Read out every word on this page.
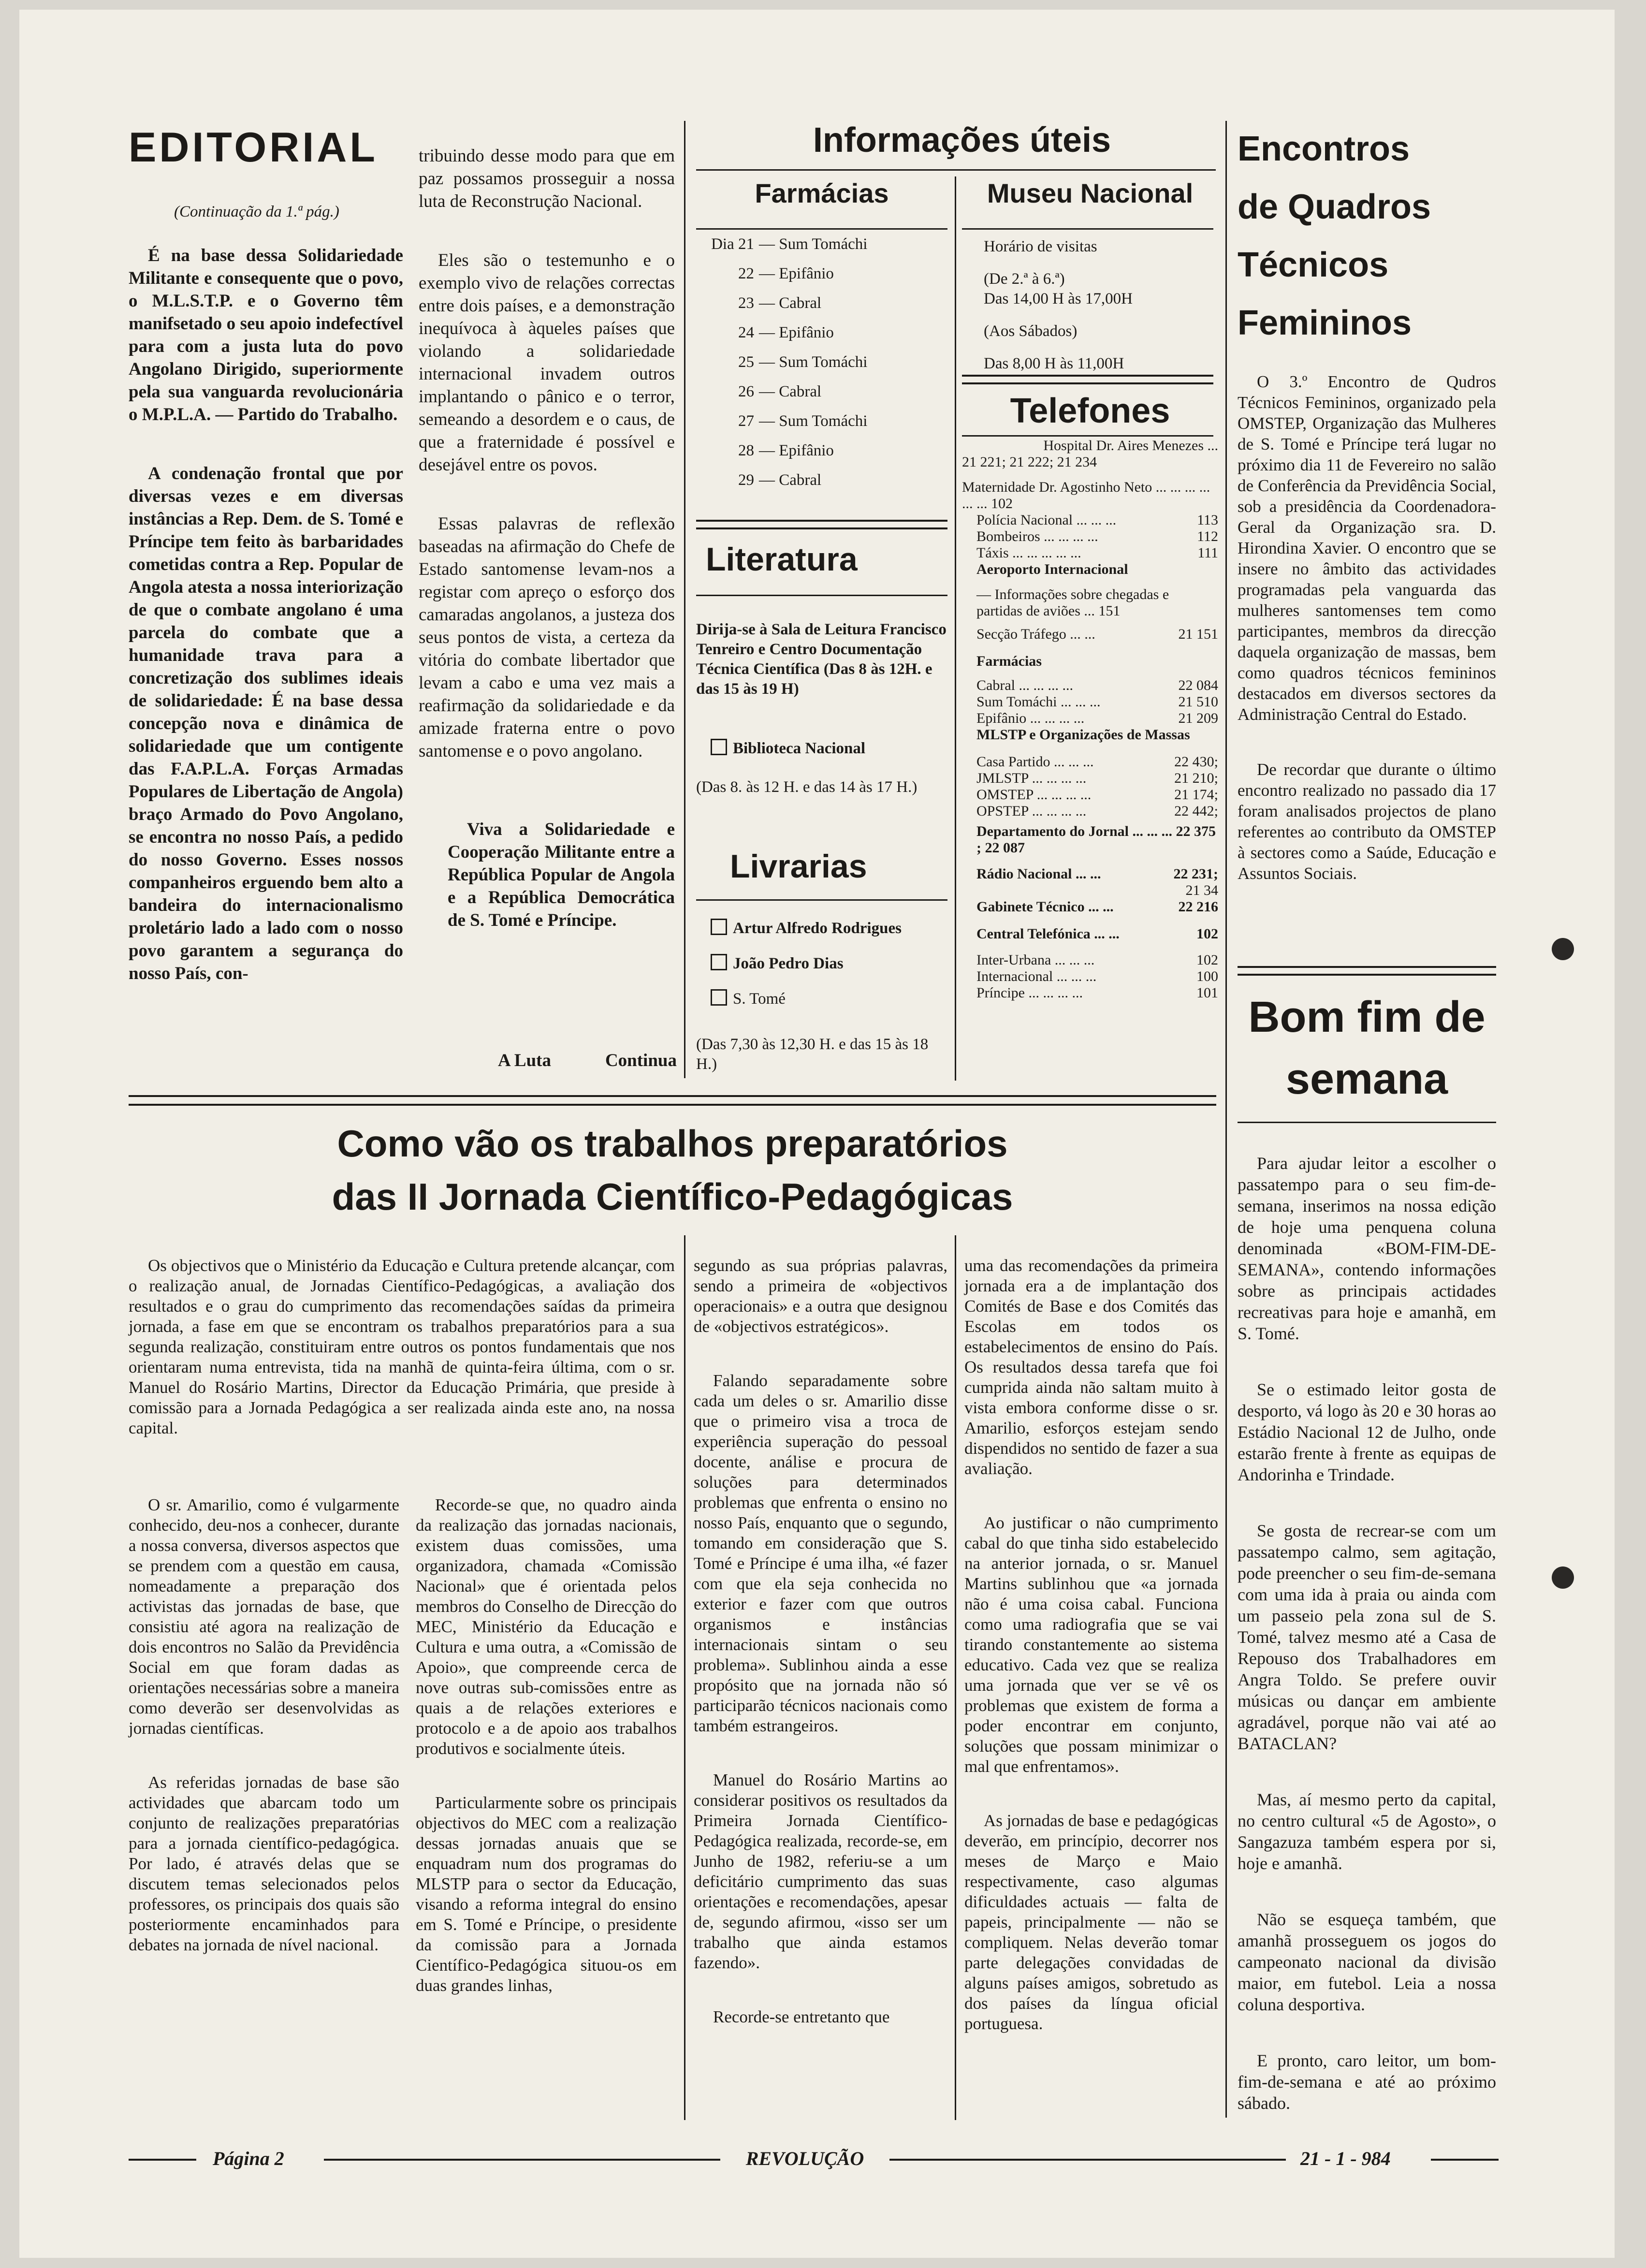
EDITORIAL
(Continuação da 1.ª pág.)

É na base dessa Solidariedade Militante e consequente que o povo, o M.L.S.T.P. e o Governo têm manifsetado o seu apoio indefectível para com a justa luta do povo Angolano Dirigido, superiormente pela sua vanguarda revolucionária o M.P.L.A. — Partido do Trabalho.

A condenação frontal que por diversas vezes e em diversas instâncias a Rep. Dem. de S. Tomé e Príncipe tem feito às barbaridades cometidas contra a Rep. Popular de Angola atesta a nossa interiorização de que o combate angolano é uma parcela do combate que a humanidade trava para a concretização dos sublimes ideais de solidariedade: É na base dessa concepção nova e dinâmica de solidariedade que um contigente das F.A.P.L.A. Forças Armadas Populares de Libertação de Angola) braço Armado do Povo Angolano, se encontra no nosso País, a pedido do nosso Governo. Esses nossos companheiros erguendo bem alto a bandeira do internacionalismo proletário lado a lado com o nosso povo garantem a segurança do nosso País, con-

tribuindo desse modo para que em paz possamos prosseguir a nossa luta de Reconstrução Nacional.

Eles são o testemunho e o exemplo vivo de relações correctas entre dois países, e a demonstração inequívoca à àqueles países que violando a solidariedade internacional invadem outros implantando o pânico e o terror, semeando a desordem e o caus, de que a fraternidade é possível e desejável entre os povos.

Essas palavras de reflexão baseadas na afirmação do Chefe de Estado santomense levam-nos a registar com apreço o esforço dos camaradas angolanos, a justeza dos seus pontos de vista, a certeza da vitória do combate libertador que levam a cabo e uma vez mais a reafirmação da solidariedade e da amizade fraterna entre o povo santomense e o povo angolano.

Viva a Solidariedade e Cooperação Militante entre a República Popular de Angola e a República Democrática de S. Tomé e Príncipe.

A Luta	Continua
Informações úteis
Farmácias
Dia 21 — Sum Tomáchi
22 — Epifânio
23 — Cabral
24 — Epifânio
25 — Sum Tomáchi
26 — Cabral
27 — Sum Tomáchi
28 — Epifânio
29 — Cabral
Literatura
Dirija-se à Sala de Leitura Francisco Tenreiro e Centro Documentação Técnica Científica (Das 8 às 12H. e das 15 às 19 H)
Biblioteca Nacional
(Das 8. às 12 H. e das 14 às 17 H.)
Livrarias
Artur Alfredo Rodrigues
João Pedro Dias
S. Tomé
(Das 7,30 às 12,30 H. e das 15 às 18 H.)
Museu Nacional
Horário de visitas
(De 2.ª à 6.ª)
Das 14,00 H às 17,00H
(Aos Sábados)
Das 8,00 H às 11,00H
Telefones
Hospital Dr. Aires Menezes ...
21 221; 21 222; 21 234
Maternidade Dr. Agostinho Neto ... ... ... ... ... ... 102
Polícia Nacional ... ... ...	113
Bombeiros ... ... ... ...	112
Táxis ... ... ... ... ...	111
Aeroporto Internacional
— Informações sobre chegadas e partidas de aviões ... 151
Secção Tráfego ... ...	21 151
Farmácias
Cabral ... ... ... ...	22 084
Sum Tomáchi ... ... ...	21 510
Epifânio ... ... ... ...	21 209
MLSTP e Organizações de Massas
Casa Partido ... ... ...	22 430;
JMLSTP ... ... ... ...	21 210;
OMSTEP ... ... ... ...	21 174;
OPSTEP ... ... ... ...	22 442;
Departamento do Jornal ... ... ... 22 375 ; 22 087
Rádio Nacional ... ...	22 231;
21 34
Gabinete Técnico ... ...	22 216
Central Telefónica ... ...	102
Inter-Urbana ... ... ...	102
Internacional ... ... ...	100
Príncipe ... ... ... ...	101
Encontros
de Quadros
Técnicos
Femininos

O 3.º Encontro de Qudros Técnicos Femininos, organizado pela OMSTEP, Organização das Mulheres de S. Tomé e Príncipe terá lugar no próximo dia 11 de Fevereiro no salão de Conferência da Previdência Social, sob a presidência da Coordenadora-Geral da Organização sra. D. Hirondina Xavier. O encontro que se insere no âmbito das actividades programadas pela vanguarda das mulheres santomenses tem como participantes, membros da direcção daquela organização de massas, bem como quadros técnicos femininos destacados em diversos sectores da Administração Central do Estado.

De recordar que durante o último encontro realizado no passado dia 17 foram analisados projectos de plano referentes ao contributo da OMSTEP à sectores como a Saúde, Educação e Assuntos Sociais.

Bom fim de
semana

Para ajudar leitor a escolher o passatempo para o seu fim-de-semana, inserimos na nossa edição de hoje uma penquena coluna denominada «BOM-FIM-DE-SEMANA», contendo informações sobre as principais actidades recreativas para hoje e amanhã, em S. Tomé.

Se o estimado leitor gosta de desporto, vá logo às 20 e 30 horas ao Estádio Nacional 12 de Julho, onde estarão frente à frente as equipas de Andorinha e Trindade.

Se gosta de recrear-se com um passatempo calmo, sem agitação, pode preencher o seu fim-de-semana com uma ida à praia ou ainda com um passeio pela zona sul de S. Tomé, talvez mesmo até a Casa de Repouso dos Trabalhadores em Angra Toldo. Se prefere ouvir músicas ou dançar em ambiente agradável, porque não vai até ao BATACLAN?

Mas, aí mesmo perto da capital, no centro cultural «5 de Agosto», o Sangazuza também espera por si, hoje e amanhã.

Não se esqueça também, que amanhã prosseguem os jogos do campeonato nacional da divisão maior, em futebol. Leia a nossa coluna desportiva.

E pronto, caro leitor, um bom-fim-de-semana e até ao próximo sábado.

Como vão os trabalhos preparatórios
das II Jornada Científico-Pedagógicas

Os objectivos que o Ministério da Educação e Cultura pretende alcançar, com o realização anual, de Jornadas Científico-Pedagógicas, a avaliação dos resultados e o grau do cumprimento das recomendações saídas da primeira jornada, a fase em que se encontram os trabalhos preparatórios para a sua segunda realização, constituiram entre outros os pontos fundamentais que nos orientaram numa entrevista, tida na manhã de quinta-feira última, com o sr. Manuel do Rosário Martins, Director da Educação Primária, que preside à comissão para a Jornada Pedagógica a ser realizada ainda este ano, na nossa capital.

O sr. Amarilio, como é vulgarmente conhecido, deu-nos a conhecer, durante a nossa conversa, diversos aspectos que se prendem com a questão em causa, nomeadamente a preparação dos activistas das jornadas de base, que consistiu até agora na realização de dois encontros no Salão da Previdência Social em que foram dadas as orientações necessárias sobre a maneira como deverão ser desenvolvidas as jornadas científicas.

As referidas jornadas de base são actividades que abarcam todo um conjunto de realizações preparatórias para a jornada científico-pedagógica. Por lado, é através delas que se discutem temas selecionados pelos professores, os principais dos quais são posteriormente encaminhados para debates na jornada de nível nacional.

Recorde-se que, no quadro ainda da realização das jornadas nacionais, existem duas comissões, uma organizadora, chamada «Comissão Nacional» que é orientada pelos membros do Conselho de Direcção do MEC, Ministério da Educação e Cultura e uma outra, a «Comissão de Apoio», que compreende cerca de nove outras sub-comissões entre as quais a de relações exteriores e protocolo e a de apoio aos trabalhos produtivos e socialmente úteis.

Particularmente sobre os principais objectivos do MEC com a realização dessas jornadas anuais que se enquadram num dos programas do MLSTP para o sector da Educação, visando a reforma integral do ensino em S. Tomé e Príncipe, o presidente da comissão para a Jornada Científico-Pedagógica situou-os em duas grandes linhas,

segundo as sua próprias palavras, sendo a primeira de «objectivos operacionais» e a outra que designou de «objectivos estratégicos».

Falando separadamente sobre cada um deles o sr. Amarilio disse que o primeiro visa a troca de experiência superação do pessoal docente, análise e procura de soluções para determinados problemas que enfrenta o ensino no nosso País, enquanto que o segundo, tomando em consideração que S. Tomé e Príncipe é uma ilha, «é fazer com que ela seja conhecida no exterior e fazer com que outros organismos e instâncias internacionais sintam o seu problema». Sublinhou ainda a esse propósito que na jornada não só participarão técnicos nacionais como também estrangeiros.

Manuel do Rosário Martins ao considerar positivos os resultados da Primeira Jornada Científico-Pedagógica realizada, recorde-se, em Junho de 1982, referiu-se a um deficitário cumprimento das suas orientações e recomendações, apesar de, segundo afirmou, «isso ser um trabalho que ainda estamos fazendo».

Recorde-se entretanto que

uma das recomendações da primeira jornada era a de implantação dos Comités de Base e dos Comités das Escolas em todos os estabelecimentos de ensino do País. Os resultados dessa tarefa que foi cumprida ainda não saltam muito à vista embora conforme disse o sr. Amarilio, esforços estejam sendo dispendidos no sentido de fazer a sua avaliação.

Ao justificar o não cumprimento cabal do que tinha sido estabelecido na anterior jornada, o sr. Manuel Martins sublinhou que «a jornada não é uma coisa cabal. Funciona como uma radiografia que se vai tirando constantemente ao sistema educativo. Cada vez que se realiza uma jornada que ver se vê os problemas que existem de forma a poder encontrar em conjunto, soluções que possam minimizar o mal que enfrentamos».

As jornadas de base e pedagógicas deverão, em princípio, decorrer nos meses de Março e Maio respectivamente, caso algumas dificuldades actuais — falta de papeis, principalmente — não se compliquem. Nelas deverão tomar parte delegações convidadas de alguns países amigos, sobretudo as dos países da língua oficial portuguesa.

Página 2	REVOLUÇÃO	21 - 1 - 984
